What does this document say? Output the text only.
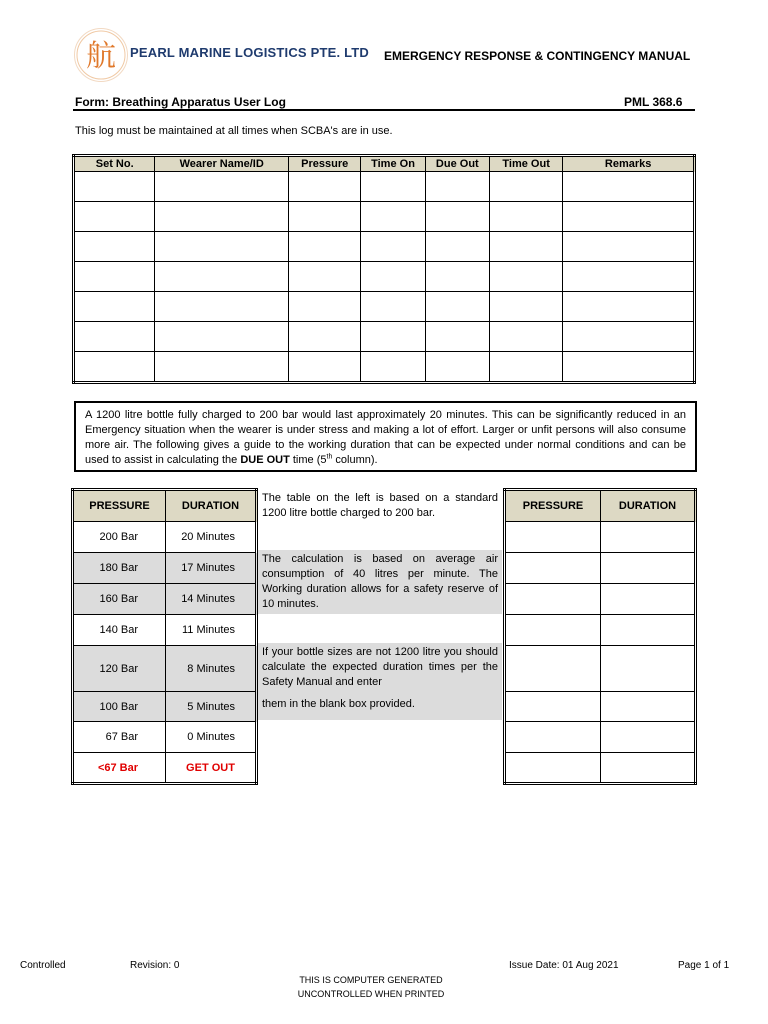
航 PEARL MARINE LOGISTICS PTE. LTD EMERGENCY RESPONSE & CONTINGENCY MANUAL
Form: Breathing Apparatus User Log	PML 368.6
This log must be maintained at all times when SCBA's are in use.
Set No.	Wearer Name/ID	Pressure	Time On	Due Out	Time Out	Remarks

A 1200 litre bottle fully charged to 200 bar would last approximately 20 minutes. This can be significantly reduced in an Emergency situation when the wearer is under stress and making a lot of effort. Larger or unfit persons will also consume more air. The following gives a guide to the working duration that can be expected under normal conditions and can be used to assist in calculating the DUE OUT time (5th column).
PRESSURE	DURATION
200 Bar	20 Minutes
180 Bar	17 Minutes
160 Bar	14 Minutes
140 Bar	11 Minutes
120 Bar	8 Minutes
100 Bar	5 Minutes
67 Bar	0 Minutes
<67 Bar	GET OUT
The table on the left is based on a standard 1200 litre bottle charged to 200 bar.
The calculation is based on average air consumption of 40 litres per minute. The Working duration allows for a safety reserve of 10 minutes.
If your bottle sizes are not 1200 litre you should calculate the expected duration times per the Safety Manual and enter
them in the blank box provided.
PRESSURE	DURATION

Controlled	Revision: 0	Issue Date: 01 Aug 2021	Page 1 of 1
THIS IS COMPUTER GENERATED
UNCONTROLLED WHEN PRINTED
